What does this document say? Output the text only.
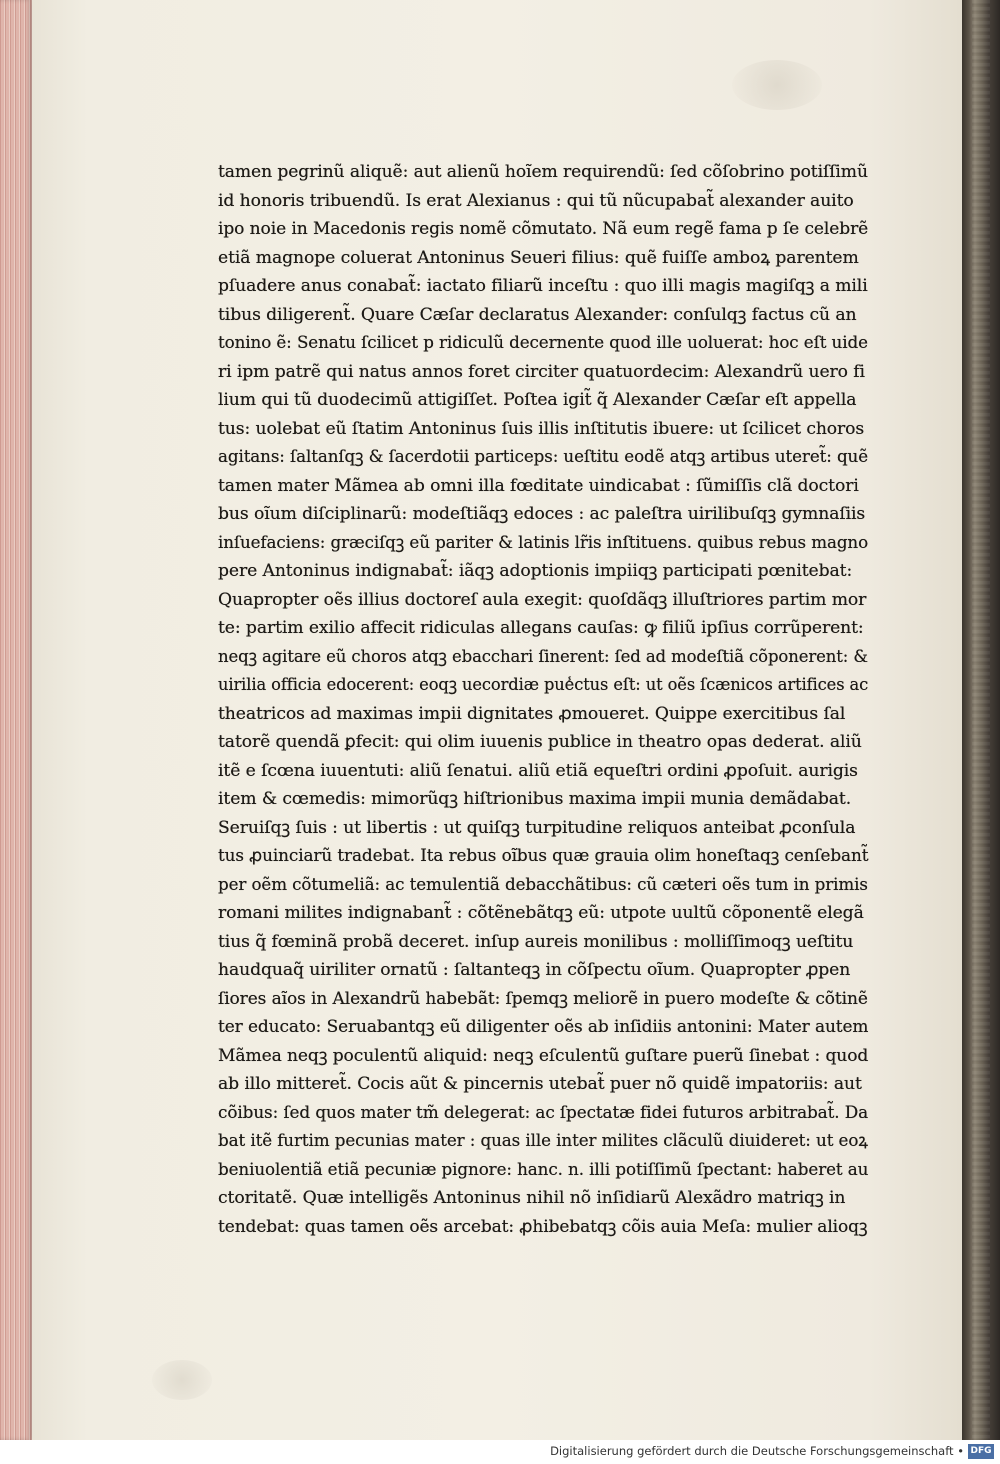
tamen pegrinũ aliquẽ: aut alienũ hoĩem requirendũ: ſed cõſobrino potiſſimũ
id honoris tribuendũ. Is erat Alexianus : qui tũ nũcupabat̃ alexander auito
ipo noie in Macedonis regis nomẽ cõmutato. Nã eum regẽ fama p ſe celebrẽ
etiã magnope coluerat Antoninus Seueri filius: quẽ fuiſſe amboꝝ parentem
pſuadere anus conabat̃: iactato filiarũ inceſtu : quo illi magis magiſqꝫ a mili
tibus diligerent̃. Quare Cæſar declaratus Alexander: conſulqꝫ factus cũ an
tonino ẽ: Senatu ſcilicet p ridiculũ decernente quod ille uoluerat: hoc eſt uide
ri ipm patrẽ qui natus annos foret circiter quatuordecim: Alexandrũ uero fi
lium qui tũ duodecimũ attigiſſet. Poſtea igit̃ q̃ Alexander Cæſar eſt appella
tus: uolebat eũ ſtatim Antoninus ſuis illis inſtitutis ibuere: ut ſcilicet choros
agitans: ſaltanſqꝫ & ſacerdotii particeps: ueſtitu eodẽ atqꝫ artibus uteret̃: quẽ
tamen mater Mãmea ab omni illa fœditate uindicabat : ſũmiſſis clã doctori
bus oĩum diſciplinarũ: modeſtiãqꝫ edoces : ac paleſtra uirilibuſqꝫ gymnaſiis
inſuefaciens: græciſqꝫ eũ pariter & latinis lr̃is inſtituens. quibus rebus magno
pere Antoninus indignabat̃: iãqꝫ adoptionis impiiqꝫ participati pœnitebat:
Quapropter oẽs illius doctoreſ aula exegit: quoſdãqꝫ illuſtriores partim mor
te: partim exilio affecit ridiculas allegans cauſas: ꝙ filiũ ipſius corrũperent:
neqꝫ agitare eũ choros atqꝫ ebacchari ſinerent: ſed ad modeſtiã cõponerent: &
uirilia officia edocerent: eoqꝫ uecordiæ pue̾ctus eſt: ut oẽs ſcænicos artifices ac
theatricos ad maximas impii dignitates ꝓmoueret. Quippe exercitibus ſal
tatorẽ quendã ꝑfecit: qui olim iuuenis publice in theatro opas dederat. aliũ
itẽ e ſcœna iuuentuti: aliũ ſenatui. aliũ etiã equeſtri ordini ꝓpoſuit. aurigis
item & cœmedis: mimorũqꝫ hiſtrionibus maxima impii munia demãdabat.
Seruiſqꝫ ſuis : ut libertis : ut quiſqꝫ turpitudine reliquos anteibat ꝓconſula
tus ꝓuinciarũ tradebat. Ita rebus oĩbus quæ grauia olim honeſtaqꝫ cenſebant̃
per oẽm cõtumeliã: ac temulentiã debacchãtibus: cũ cæteri oẽs tum in primis
romani milites indignabant̃ : cõtẽnebãtqꝫ eũ: utpote uultũ cõponentẽ elegã
tius q̃ fœminã probã deceret. inſup aureis monilibus : molliſſimoqꝫ ueſtitu
haudquaq̃ uiriliter ornatũ : ſaltanteqꝫ in cõſpectu oĩum. Quapropter ꝓpen
ſiores aĩos in Alexandrũ habebãt: ſpemqꝫ meliorẽ in puero modeſte & cõtinẽ
ter educato: Seruabantqꝫ eũ diligenter oẽs ab inſidiis antonini: Mater autem
Mãmea neqꝫ poculentũ aliquid: neqꝫ eſculentũ guſtare puerũ ſinebat : quod
ab illo mitteret̃. Cocis aũt & pincernis utebat̃ puer nõ quidẽ impatoriis: aut
cõibus: ſed quos mater tm̃ delegerat: ac ſpectatæ fidei futuros arbitrabat̃. Da
bat itẽ furtim pecunias mater : quas ille inter milites clãculũ diuideret: ut eoꝝ
beniuolentiã etiã pecuniæ pignore: hanc. n. illi potiſſimũ ſpectant: haberet au
ctoritatẽ. Quæ intelligẽs Antoninus nihil nõ inſidiarũ Alexãdro matriqꝫ in
tendebat: quas tamen oẽs arcebat: ꝓhibebatqꝫ cõis auia Meſa: mulier alioqꝫ
Digitalisierung gefördert durch die Deutsche Forschungsgemeinschaft • DFG
